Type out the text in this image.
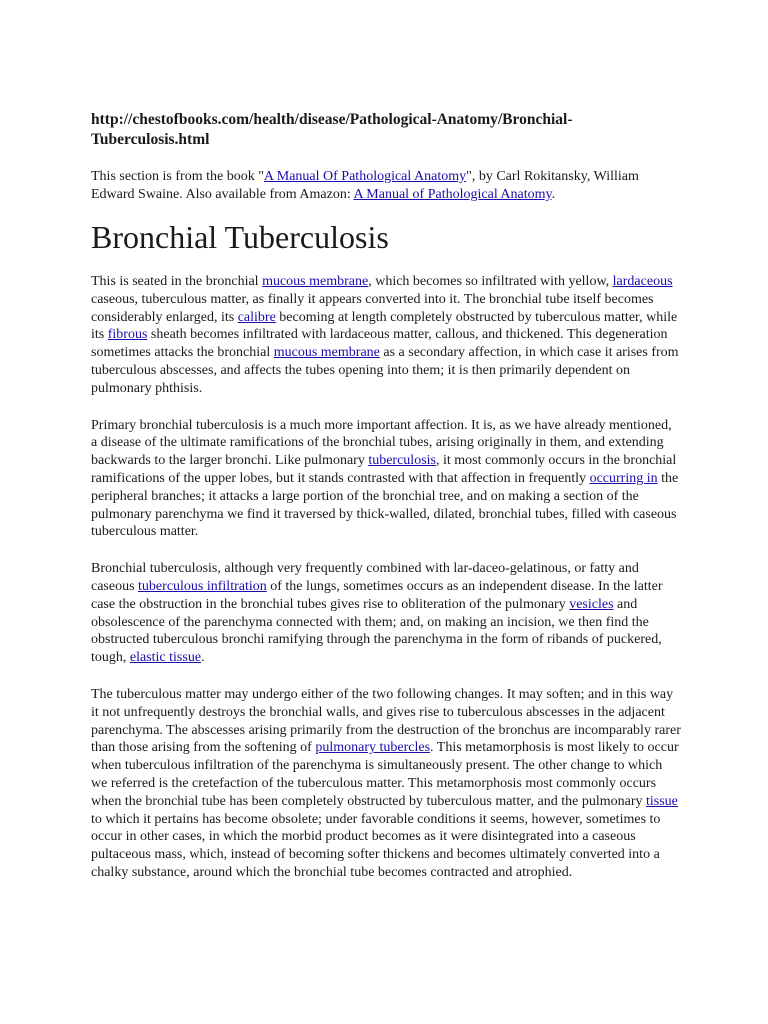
http://chestofbooks.com/health/disease/Pathological-Anatomy/Bronchial-Tuberculosis.html
This section is from the book "A Manual Of Pathological Anatomy", by Carl Rokitansky, William Edward Swaine. Also available from Amazon: A Manual of Pathological Anatomy.
Bronchial Tuberculosis

This is seated in the bronchial mucous membrane, which becomes so infiltrated with yellow, lardaceous caseous, tuberculous matter, as finally it appears converted into it. The bronchial tube itself becomes considerably enlarged, its calibre becoming at length completely obstructed by tuberculous matter, while its fibrous sheath becomes infiltrated with lardaceous matter, callous, and thickened. This degeneration sometimes attacks the bronchial mucous membrane as a secondary affection, in which case it arises from tuberculous abscesses, and affects the tubes opening into them; it is then primarily dependent on pulmonary phthisis.

Primary bronchial tuberculosis is a much more important affection. It is, as we have already mentioned, a disease of the ultimate ramifications of the bronchial tubes, arising originally in them, and extending backwards to the larger bronchi. Like pulmonary tuberculosis, it most commonly occurs in the bronchial ramifications of the upper lobes, but it stands contrasted with that affection in frequently occurring in the peripheral branches; it attacks a large portion of the bronchial tree, and on making a section of the pulmonary parenchyma we find it traversed by thick-walled, dilated, bronchial tubes, filled with caseous tuberculous matter.

Bronchial tuberculosis, although very frequently combined with lar-daceo-gelatinous, or fatty and caseous tuberculous infiltration of the lungs, sometimes occurs as an independent disease. In the latter case the obstruction in the bronchial tubes gives rise to obliteration of the pulmonary vesicles and obsolescence of the parenchyma connected with them; and, on making an incision, we then find the obstructed tuberculous bronchi ramifying through the parenchyma in the form of ribands of puckered, tough, elastic tissue.

The tuberculous matter may undergo either of the two following changes. It may soften; and in this way it not unfrequently destroys the bronchial walls, and gives rise to tuberculous abscesses in the adjacent parenchyma. The abscesses arising primarily from the destruction of the bronchus are incomparably rarer than those arising from the softening of pulmonary tubercles. This metamorphosis is most likely to occur when tuberculous infiltration of the parenchyma is simultaneously present. The other change to which we referred is the cretefaction of the tuberculous matter. This metamorphosis most commonly occurs when the bronchial tube has been completely obstructed by tuberculous matter, and the pulmonary tissue to which it pertains has become obsolete; under favorable conditions it seems, however, sometimes to occur in other cases, in which the morbid product becomes as it were disintegrated into a caseous pultaceous mass, which, instead of becoming softer thickens and becomes ultimately converted into a chalky substance, around which the bronchial tube becomes contracted and atrophied.
